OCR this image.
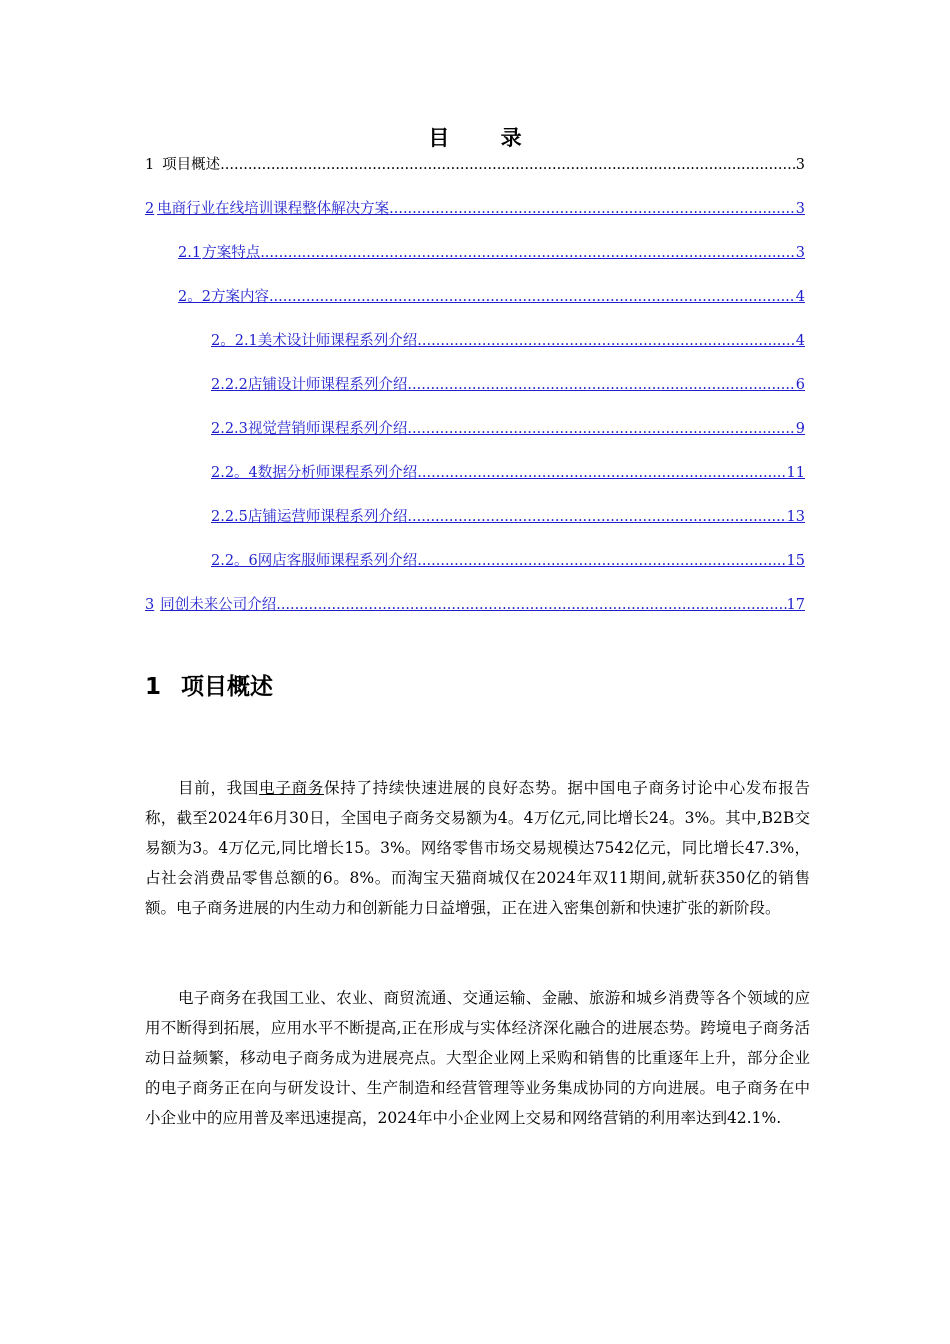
目 录
1 项目概述 .....	3
2 电商行业在线培训课程整体解决方案 .....	3
2.1 方案特点 .....	3
2。2 方案内容 .....	4
2。2.1 美术设计师课程系列介绍 .....	4
2.2.2 店铺设计师课程系列介绍 .....	6
2.2.3 视觉营销师课程系列介绍 .....	9
2.2。4 数据分析师课程系列介绍 .....	11
2.2.5 店铺运营师课程系列介绍 .....	13
2.2。6 网店客服师课程系列介绍 .....	15
3 同创未来公司介绍 .....	17
1 项目概述

目前，我国电子商务保持了持续快速进展的良好态势。据中国电子商务讨论中心发布报告称，截至2024年6月30日，全国电子商务交易额为4。4万亿元,同比增长24。3%。其中,B2B交易额为3。4万亿元,同比增长15。3%。网络零售市场交易规模达7542亿元，同比增长47.3%，占社会消费品零售总额的6。8%。而淘宝天猫商城仅在2024年双11期间,就斩获350亿的销售额。电子商务进展的内生动力和创新能力日益增强，正在进入密集创新和快速扩张的新阶段。

电子商务在我国工业、农业、商贸流通、交通运输、金融、旅游和城乡消费等各个领域的应用不断得到拓展，应用水平不断提高,正在形成与实体经济深化融合的进展态势。跨境电子商务活动日益频繁，移动电子商务成为进展亮点。大型企业网上采购和销售的比重逐年上升，部分企业的电子商务正在向与研发设计、生产制造和经营管理等业务集成协同的方向进展。电子商务在中小企业中的应用普及率迅速提高，2024年中小企业网上交易和网络营销的利用率达到42.1%.
